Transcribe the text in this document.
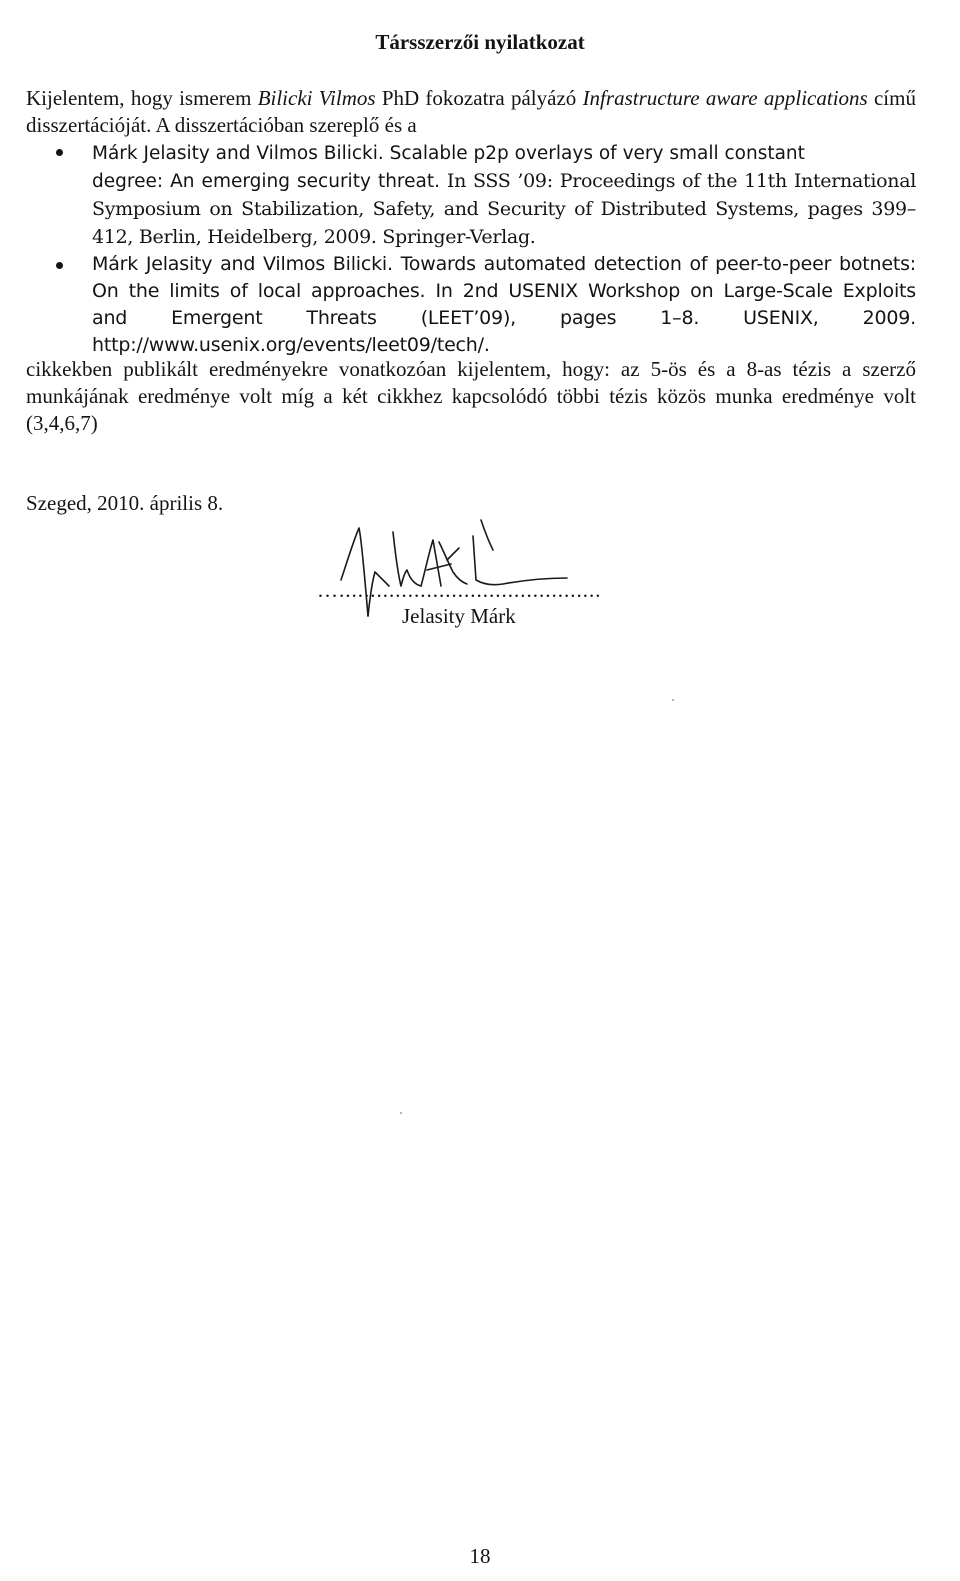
Társszerzői nyilatkozat
Kijelentem, hogy ismerem Bilicki Vilmos PhD fokozatra pályázó Infrastructure aware applications című disszertációját. A disszertációban szereplő és a
Márk Jelasity and Vilmos Bilicki. Scalable p2p overlays of very small constant
degree: An emerging security threat. In SSS ’09: Proceedings of the 11th International Symposium on Stabilization, Safety, and Security of Distributed Systems, pages 399–412, Berlin, Heidelberg, 2009. Springer-Verlag.
Márk Jelasity and Vilmos Bilicki. Towards automated detection of peer-to-peer botnets: On the limits of local approaches. In 2nd USENIX Workshop on Large-Scale Exploits and Emergent Threats (LEET’09), pages 1–8. USENIX, 2009. http://www.usenix.org/events/leet09/tech/.
cikkekben publikált eredményekre vonatkozóan kijelentem, hogy: az 5-ös és a 8-as tézis a szerző munkájának eredménye volt míg a két cikkhez kapcsolódó többi tézis közös munka eredménye volt (3,4,6,7)
Szeged, 2010. április 8.
…..........................................
Jelasity Márk
18
